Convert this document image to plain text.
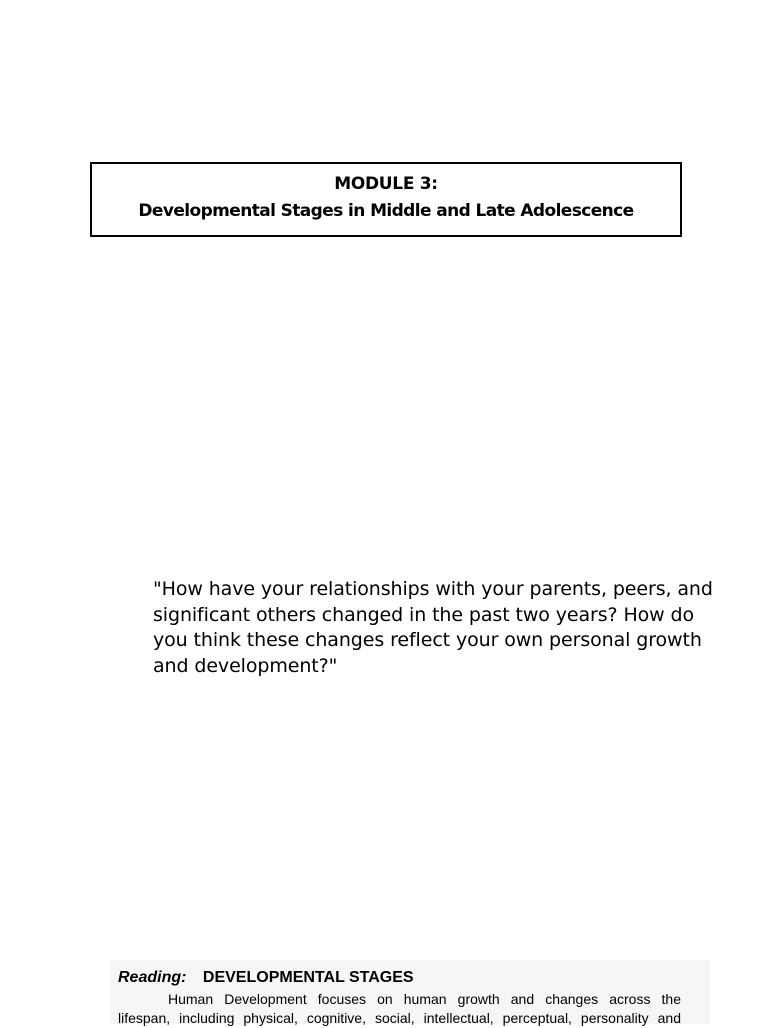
MODULE 3:
Developmental Stages in Middle and Late Adolescence
"How have your relationships with your parents, peers, and significant others changed in the past two years? How do you think these changes reflect your own personal growth and development?"
Reading: DEVELOPMENTAL STAGES
Human Development focuses on human growth and changes across the
lifespan, including physical, cognitive, social, intellectual, perceptual, personality and
